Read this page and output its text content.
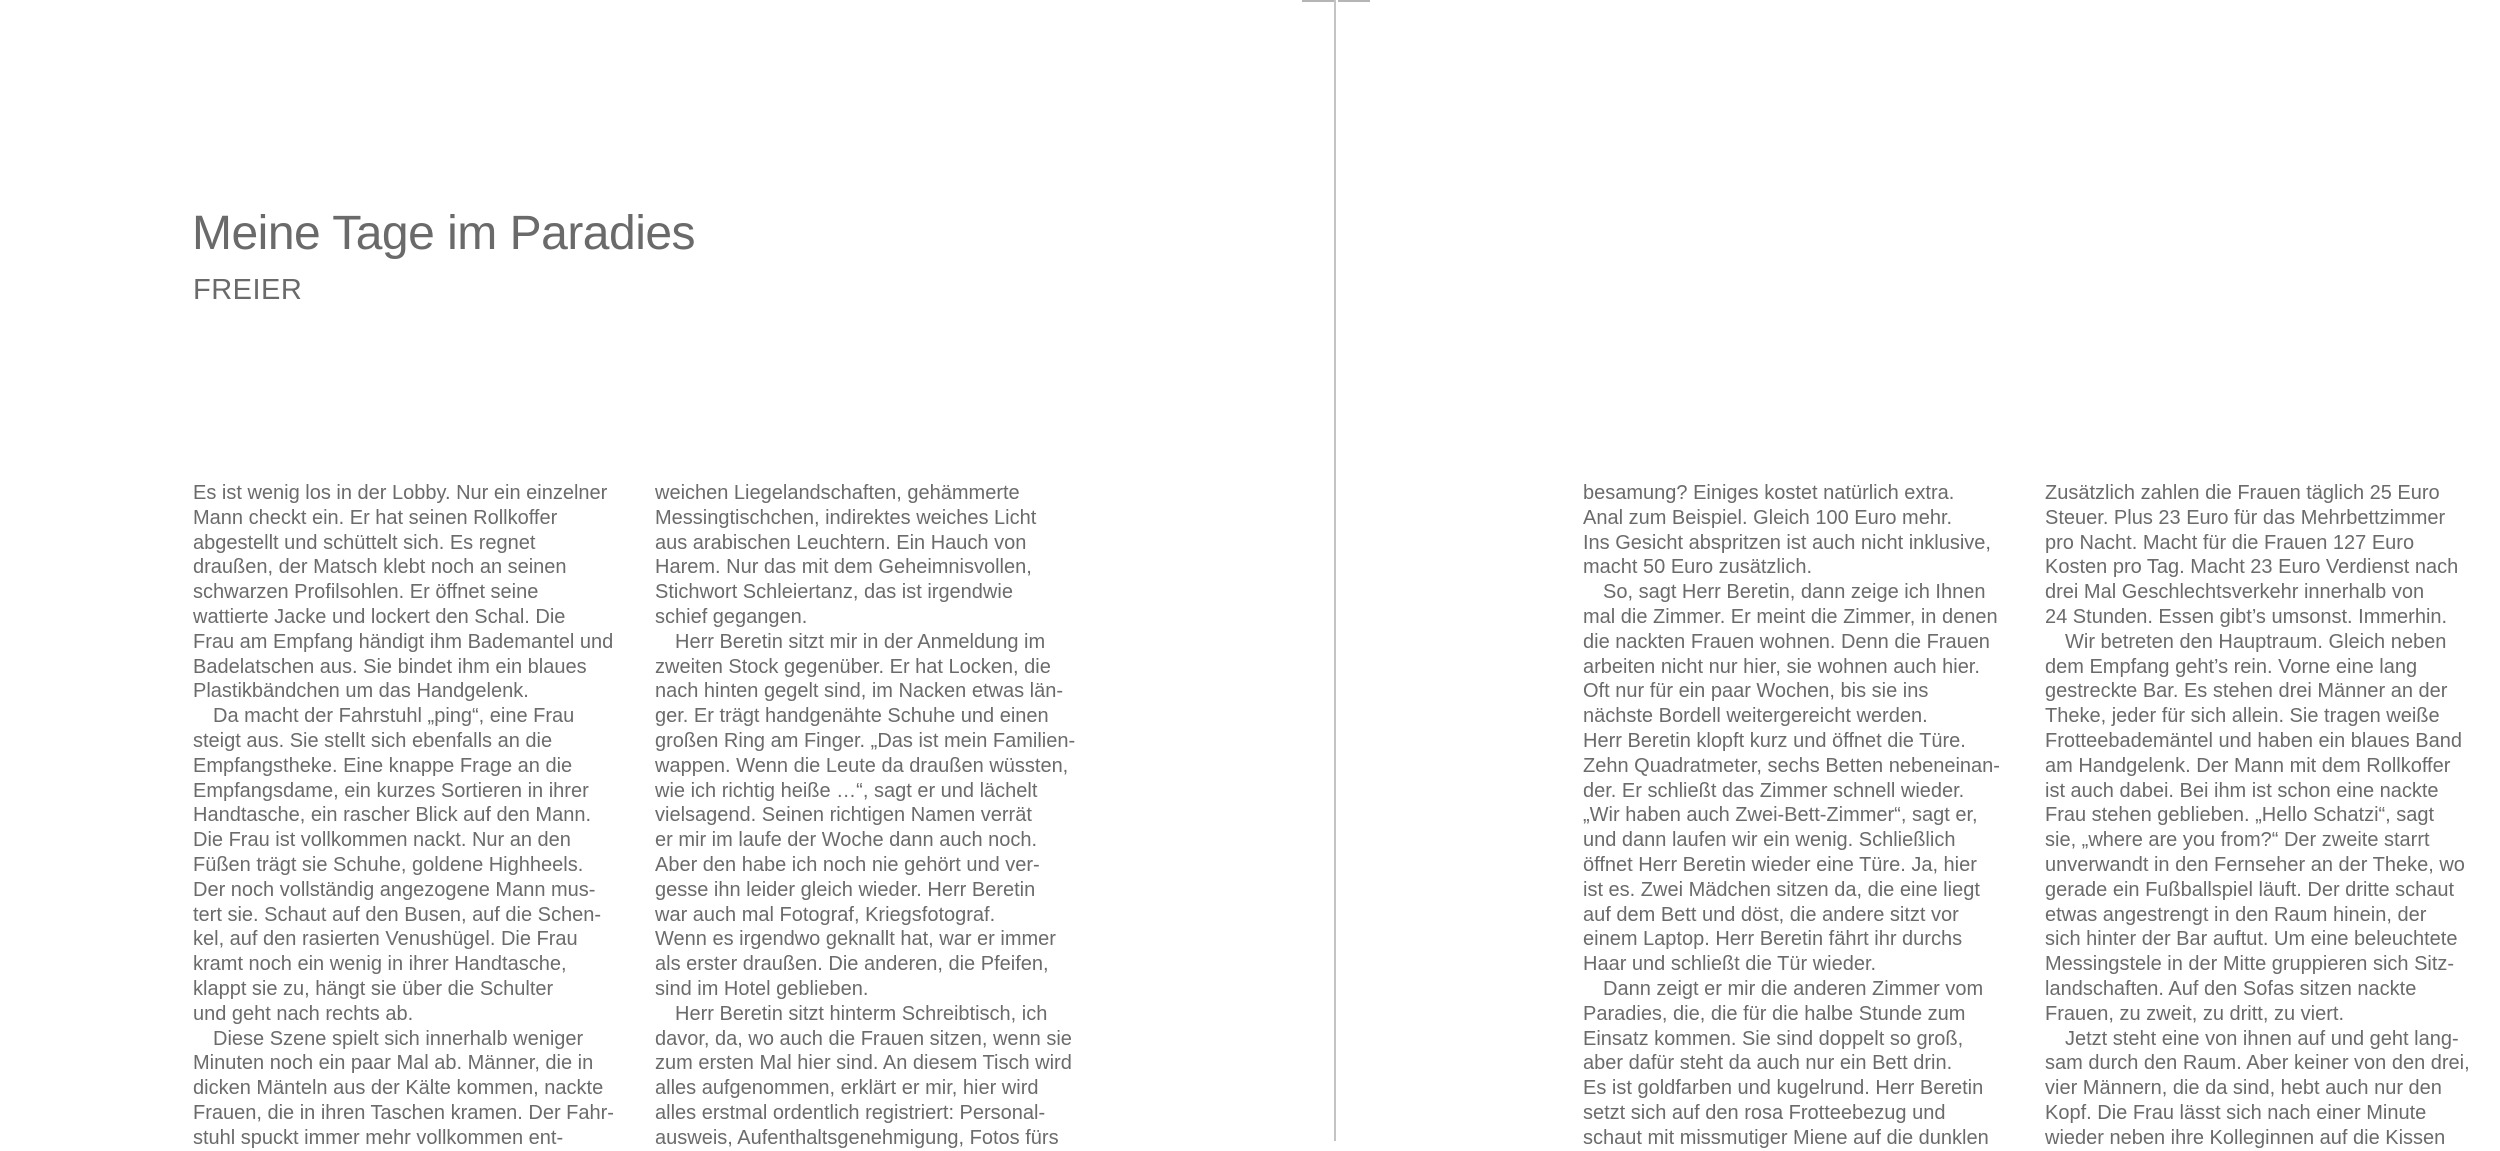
Meine Tage im Paradies
FREIER
Es ist wenig los in der Lobby. Nur ein einzelner
Mann checkt ein. Er hat seinen Rollkoffer
abgestellt und schüttelt sich. Es regnet
draußen, der Matsch klebt noch an seinen
schwarzen Profilsohlen. Er öffnet seine
wattierte Jacke und lockert den Schal. Die
Frau am Empfang händigt ihm Bademantel und
Badelatschen aus. Sie bindet ihm ein blaues
Plastikbändchen um das Handgelenk.
 Da macht der Fahrstuhl „ping“, eine Frau
steigt aus. Sie stellt sich ebenfalls an die
Empfangstheke. Eine knappe Frage an die
Empfangsdame, ein kurzes Sortieren in ihrer
Handtasche, ein rascher Blick auf den Mann.
Die Frau ist vollkommen nackt. Nur an den
Füßen trägt sie Schuhe, goldene Highheels.
Der noch vollständig angezogene Mann mus-
tert sie. Schaut auf den Busen, auf die Schen-
kel, auf den rasierten Venushügel. Die Frau
kramt noch ein wenig in ihrer Handtasche,
klappt sie zu, hängt sie über die Schulter
und geht nach rechts ab.
 Diese Szene spielt sich innerhalb weniger
Minuten noch ein paar Mal ab. Männer, die in
dicken Mänteln aus der Kälte kommen, nackte
Frauen, die in ihren Taschen kramen. Der Fahr-
stuhl spuckt immer mehr vollkommen ent-
weichen Liegelandschaften, gehämmerte
Messingtischchen, indirektes weiches Licht
aus arabischen Leuchtern. Ein Hauch von
Harem. Nur das mit dem Geheimnisvollen,
Stichwort Schleiertanz, das ist irgendwie
schief gegangen.
 Herr Beretin sitzt mir in der Anmeldung im
zweiten Stock gegenüber. Er hat Locken, die
nach hinten gegelt sind, im Nacken etwas län-
ger. Er trägt handgenähte Schuhe und einen
großen Ring am Finger. „Das ist mein Familien-
wappen. Wenn die Leute da draußen wüssten,
wie ich richtig heiße …“, sagt er und lächelt
vielsagend. Seinen richtigen Namen verrät
er mir im laufe der Woche dann auch noch.
Aber den habe ich noch nie gehört und ver-
gesse ihn leider gleich wieder. Herr Beretin
war auch mal Fotograf, Kriegsfotograf.
Wenn es irgendwo geknallt hat, war er immer
als erster draußen. Die anderen, die Pfeifen,
sind im Hotel geblieben.
 Herr Beretin sitzt hinterm Schreibtisch, ich
davor, da, wo auch die Frauen sitzen, wenn sie
zum ersten Mal hier sind. An diesem Tisch wird
alles aufgenommen, erklärt er mir, hier wird
alles erstmal ordentlich registriert: Personal-
ausweis, Aufenthaltsgenehmigung, Fotos fürs
besamung? Einiges kostet natürlich extra.
Anal zum Beispiel. Gleich 100 Euro mehr.
Ins Gesicht abspritzen ist auch nicht inklusive,
macht 50 Euro zusätzlich.
 So, sagt Herr Beretin, dann zeige ich Ihnen
mal die Zimmer. Er meint die Zimmer, in denen
die nackten Frauen wohnen. Denn die Frauen
arbeiten nicht nur hier, sie wohnen auch hier.
Oft nur für ein paar Wochen, bis sie ins
nächste Bordell weitergereicht werden.
Herr Beretin klopft kurz und öffnet die Türe.
Zehn Quadratmeter, sechs Betten nebeneinan-
der. Er schließt das Zimmer schnell wieder.
„Wir haben auch Zwei-Bett-Zimmer“, sagt er,
und dann laufen wir ein wenig. Schließlich
öffnet Herr Beretin wieder eine Türe. Ja, hier
ist es. Zwei Mädchen sitzen da, die eine liegt
auf dem Bett und döst, die andere sitzt vor
einem Laptop. Herr Beretin fährt ihr durchs
Haar und schließt die Tür wieder.
 Dann zeigt er mir die anderen Zimmer vom
Paradies, die, die für die halbe Stunde zum
Einsatz kommen. Sie sind doppelt so groß,
aber dafür steht da auch nur ein Bett drin.
Es ist goldfarben und kugelrund. Herr Beretin
setzt sich auf den rosa Frotteebezug und
schaut mit missmutiger Miene auf die dunklen
Zusätzlich zahlen die Frauen täglich 25 Euro
Steuer. Plus 23 Euro für das Mehrbettzimmer
pro Nacht. Macht für die Frauen 127 Euro
Kosten pro Tag. Macht 23 Euro Verdienst nach
drei Mal Geschlechtsverkehr innerhalb von
24 Stunden. Essen gibt’s umsonst. Immerhin.
 Wir betreten den Hauptraum. Gleich neben
dem Empfang geht’s rein. Vorne eine lang
gestreckte Bar. Es stehen drei Männer an der
Theke, jeder für sich allein. Sie tragen weiße
Frotteebademäntel und haben ein blaues Band
am Handgelenk. Der Mann mit dem Rollkoffer
ist auch dabei. Bei ihm ist schon eine nackte
Frau stehen geblieben. „Hello Schatzi“, sagt
sie, „where are you from?“ Der zweite starrt
unverwandt in den Fernseher an der Theke, wo
gerade ein Fußballspiel läuft. Der dritte schaut
etwas angestrengt in den Raum hinein, der
sich hinter der Bar auftut. Um eine beleuchtete
Messingstele in der Mitte gruppieren sich Sitz-
landschaften. Auf den Sofas sitzen nackte
Frauen, zu zweit, zu dritt, zu viert.
 Jetzt steht eine von ihnen auf und geht lang-
sam durch den Raum. Aber keiner von den drei,
vier Männern, die da sind, hebt auch nur den
Kopf. Die Frau lässt sich nach einer Minute
wieder neben ihre Kolleginnen auf die Kissen
